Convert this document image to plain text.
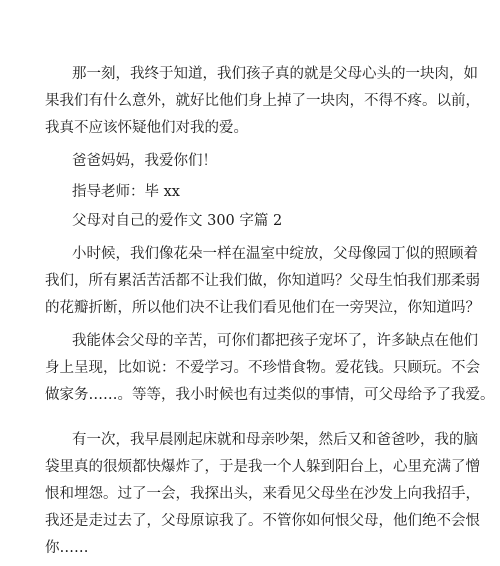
那一刻，我终于知道，我们孩子真的就是父母心头的一块肉，如
果我们有什么意外，就好比他们身上掉了一块肉，不得不疼。以前，
我真不应该怀疑他们对我的爱。
爸爸妈妈，我爱你们！
指导老师：毕 xx
父母对自己的爱作文 300 字篇 2
小时候，我们像花朵一样在温室中绽放，父母像园丁似的照顾着
我们，所有累活苦活都不让我们做，你知道吗？父母生怕我们那柔弱
的花瓣折断，所以他们决不让我们看见他们在一旁哭泣，你知道吗？
我能体会父母的辛苦，可你们都把孩子宠坏了，许多缺点在他们
身上呈现，比如说：不爱学习。不珍惜食物。爱花钱。只顾玩。不会
做家务……。等等，我小时候也有过类似的事情，可父母给予了我爱。
有一次，我早晨刚起床就和母亲吵架，然后又和爸爸吵，我的脑
袋里真的很烦都快爆炸了，于是我一个人躲到阳台上，心里充满了憎
恨和埋怨。过了一会，我探出头，来看见父母坐在沙发上向我招手，
我还是走过去了，父母原谅我了。不管你如何恨父母，他们绝不会恨
你……
